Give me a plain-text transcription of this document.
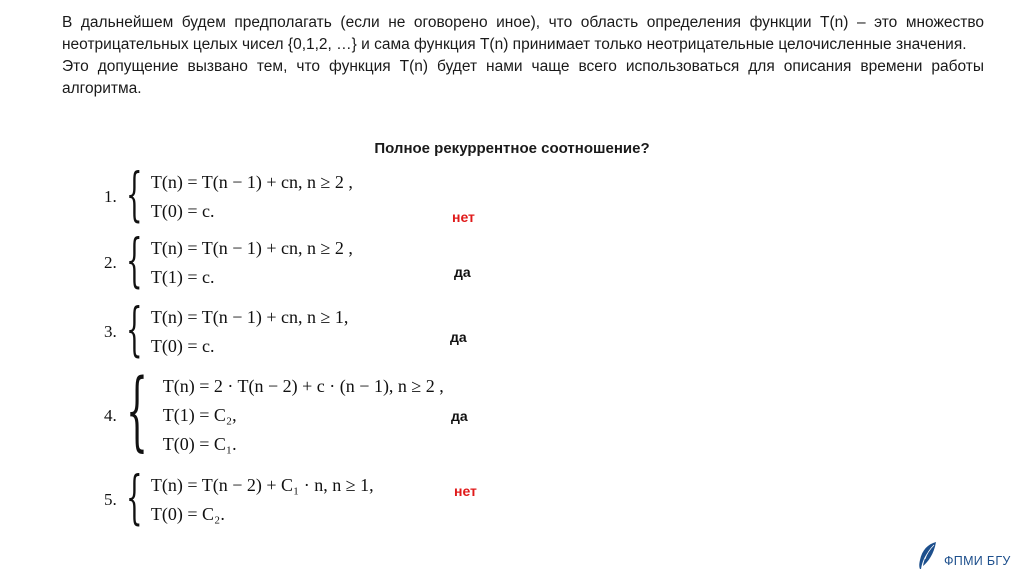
В дальнейшем будем предполагать (если не оговорено иное), что область определения функции T(n) – это множество неотрицательных целых чисел {0,1,2, …} и сама функция T(n) принимает только неотрицательные целочисленные значения.

Это допущение вызвано тем, что функция T(n) будет нами чаще всего использоваться для описания времени работы алгоритма.

Полное рекуррентное соотношение?
1. { T(n) = T(n − 1) + cn, n ≥ 2 ,
T(0) = c.	нет
2. { T(n) = T(n − 1) + cn, n ≥ 2 ,
T(1) = c.	да
3. { T(n) = T(n − 1) + cn, n ≥ 1,
T(0) = c.	да
4. { T(n) = 2 · T(n − 2) + c · (n − 1), n ≥ 2 ,
T(1) = C₂,
T(0) = C₁.
да
5. { T(n) = T(n − 2) + C₁ · n, n ≥ 1,
T(0) = C₂.
нет
ФПМИ БГУ
